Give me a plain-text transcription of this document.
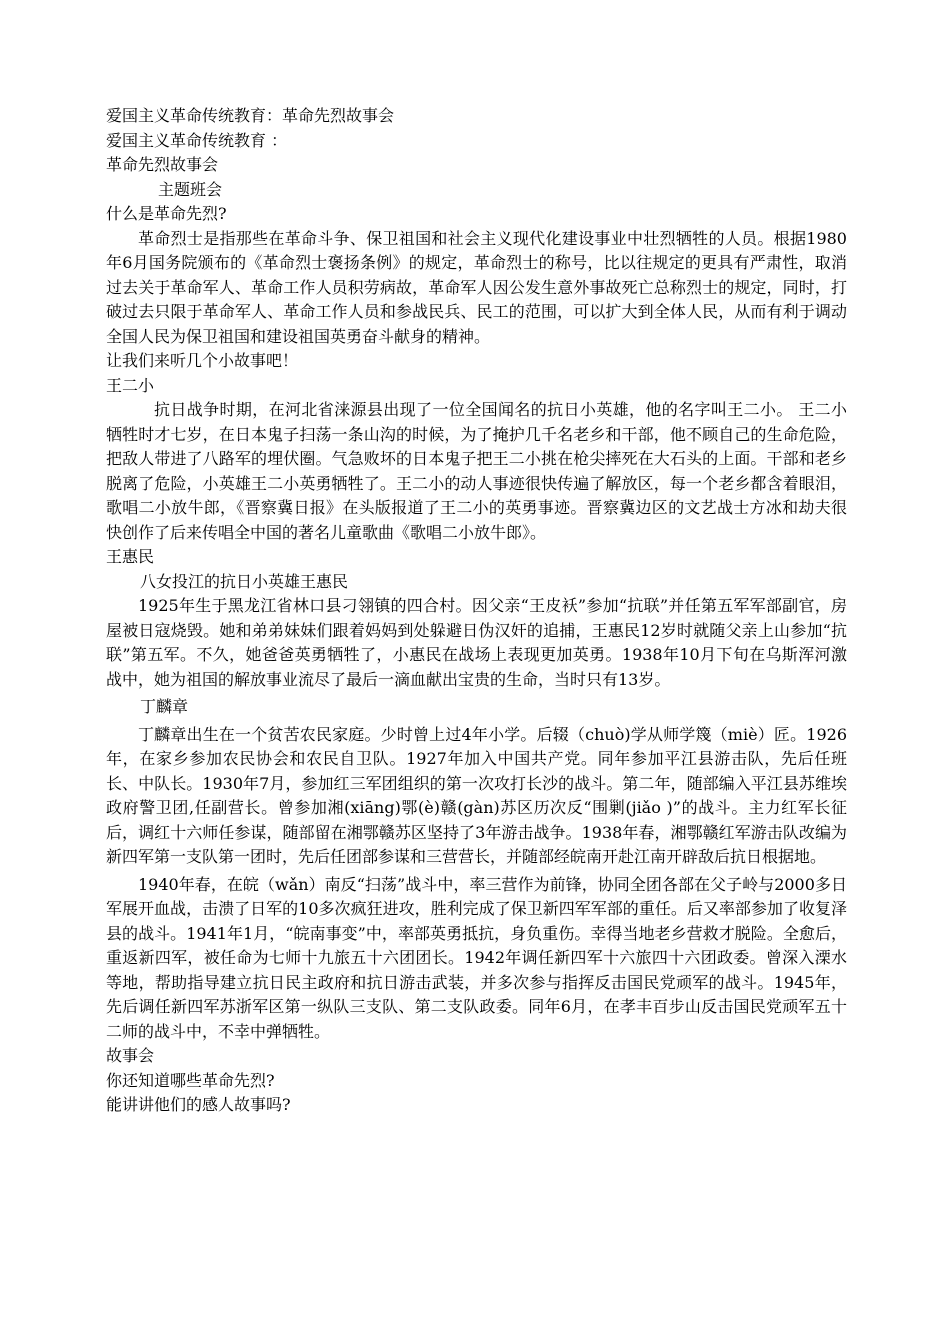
爱国主义革命传统教育：革命先烈故事会

爱国主义革命传统教育 ：

革命先烈故事会

主题班会

什么是革命先烈?

革命烈士是指那些在革命斗争、保卫祖国和社会主义现代化建设事业中壮烈牺牲的人员。根据1980年6月国务院颁布的《革命烈士褒扬条例》的规定，革命烈士的称号，比以往规定的更具有严肃性，取消过去关于革命军人、革命工作人员积劳病故，革命军人因公发生意外事故死亡总称烈士的规定，同时，打破过去只限于革命军人、革命工作人员和参战民兵、民工的范围，可以扩大到全体人民，从而有利于调动全国人民为保卫祖国和建设祖国英勇奋斗献身的精神。

让我们来听几个小故事吧！

王二小

抗日战争时期，在河北省涞源县出现了一位全国闻名的抗日小英雄，他的名字叫王二小。 王二小牺牲时才七岁，在日本鬼子扫荡一条山沟的时候，为了掩护几千名老乡和干部，他不顾自己的生命危险，把敌人带进了八路军的埋伏圈。气急败坏的日本鬼子把王二小挑在枪尖摔死在大石头的上面。干部和老乡脱离了危险，小英雄王二小英勇牺牲了。王二小的动人事迹很快传遍了解放区，每一个老乡都含着眼泪，歌唱二小放牛郎，《晋察冀日报》在头版报道了王二小的英勇事迹。晋察冀边区的文艺战士方冰和劫夫很快创作了后来传唱全中国的著名儿童歌曲《歌唱二小放牛郎》。

王惠民

八女投江的抗日小英雄王惠民

1925年生于黑龙江省林口县刁翎镇的四合村。因父亲“王皮袄”参加“抗联”并任第五军军部副官，房屋被日寇烧毁。她和弟弟妹妹们跟着妈妈到处躲避日伪汉奸的追捕，王惠民12岁时就随父亲上山参加“抗联”第五军。不久，她爸爸英勇牺牲了，小惠民在战场上表现更加英勇。1938年10月下旬在乌斯浑河激战中，她为祖国的解放事业流尽了最后一滴血献出宝贵的生命，当时只有13岁。

丁麟章

丁麟章出生在一个贫苦农民家庭。少时曾上过4年小学。后辍（chuò)学从师学篾（miè）匠。1926年，在家乡参加农民协会和农民自卫队。1927年加入中国共产党。同年参加平江县游击队，先后任班长、中队长。1930年7月，参加红三军团组织的第一次攻打长沙的战斗。第二年，随部编入平江县苏维埃政府警卫团,任副营长。曾参加湘(xiāng)鄂(è)赣(gàn)苏区历次反“围剿(jiǎo )”的战斗。主力红军长征后，调红十六师任参谋，随部留在湘鄂赣苏区坚持了3年游击战争。1938年春，湘鄂赣红军游击队改编为新四军第一支队第一团时，先后任团部参谋和三营营长，并随部经皖南开赴江南开辟敌后抗日根据地。

1940年春，在皖（wǎn）南反“扫荡”战斗中，率三营作为前锋，协同全团各部在父子岭与2000多日军展开血战，击溃了日军的10多次疯狂进攻，胜利完成了保卫新四军军部的重任。后又率部参加了收复泽县的战斗。1941年1月，“皖南事变”中，率部英勇抵抗，身负重伤。幸得当地老乡营救才脱险。全愈后，重返新四军，被任命为七师十九旅五十六团团长。1942年调任新四军十六旅四十六团政委。曾深入溧水等地，帮助指导建立抗日民主政府和抗日游击武装，并多次参与指挥反击国民党顽军的战斗。1945年，先后调任新四军苏浙军区第一纵队三支队、第二支队政委。同年6月，在孝丰百步山反击国民党顽军五十二师的战斗中，不幸中弹牺牲。

故事会

你还知道哪些革命先烈?

能讲讲他们的感人故事吗?
